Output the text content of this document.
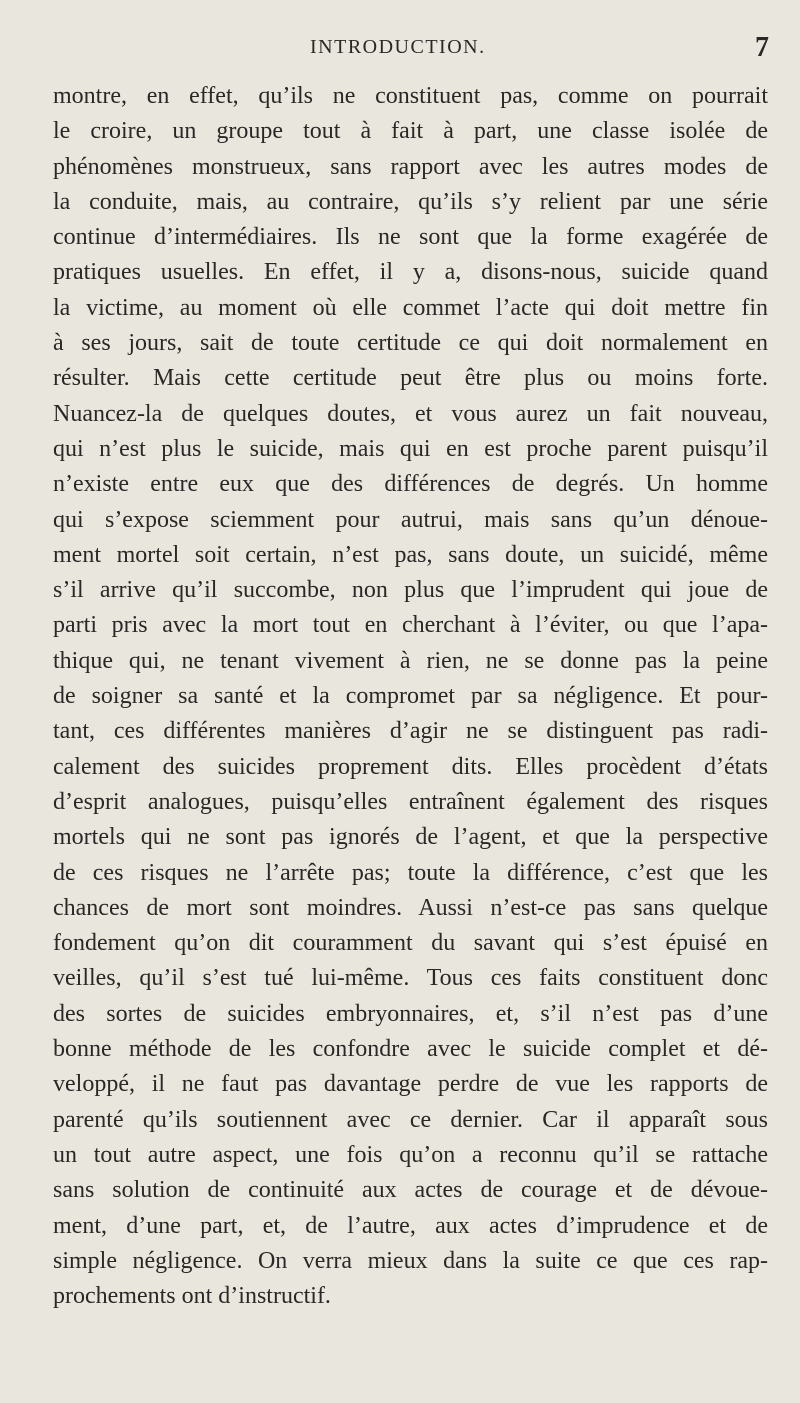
INTRODUCTION.	7
montre, en effet, qu’ils ne constituent pas, comme on pourrait
le croire, un groupe tout à fait à part, une classe isolée de
phénomènes monstrueux, sans rapport avec les autres modes de
la conduite, mais, au contraire, qu’ils s’y relient par une série
continue d’intermédiaires. Ils ne sont que la forme exagérée de
pratiques usuelles. En effet, il y a, disons-nous, suicide quand
la victime, au moment où elle commet l’acte qui doit mettre fin
à ses jours, sait de toute certitude ce qui doit normalement en
résulter. Mais cette certitude peut être plus ou moins forte.
Nuancez-la de quelques doutes, et vous aurez un fait nouveau,
qui n’est plus le suicide, mais qui en est proche parent puisqu’il
n’existe entre eux que des différences de degrés. Un homme
qui s’expose sciemment pour autrui, mais sans qu’un dénoue-
ment mortel soit certain, n’est pas, sans doute, un suicidé, même
s’il arrive qu’il succombe, non plus que l’imprudent qui joue de
parti pris avec la mort tout en cherchant à l’éviter, ou que l’apa-
thique qui, ne tenant vivement à rien, ne se donne pas la peine
de soigner sa santé et la compromet par sa négligence. Et pour-
tant, ces différentes manières d’agir ne se distinguent pas radi-
calement des suicides proprement dits. Elles procèdent d’états
d’esprit analogues, puisqu’elles entraînent également des risques
mortels qui ne sont pas ignorés de l’agent, et que la perspective
de ces risques ne l’arrête pas; toute la différence, c’est que les
chances de mort sont moindres. Aussi n’est-ce pas sans quelque
fondement qu’on dit couramment du savant qui s’est épuisé en
veilles, qu’il s’est tué lui-même. Tous ces faits constituent donc
des sortes de suicides embryonnaires, et, s’il n’est pas d’une
bonne méthode de les confondre avec le suicide complet et dé-
veloppé, il ne faut pas davantage perdre de vue les rapports de
parenté qu’ils soutiennent avec ce dernier. Car il apparaît sous
un tout autre aspect, une fois qu’on a reconnu qu’il se rattache
sans solution de continuité aux actes de courage et de dévoue-
ment, d’une part, et, de l’autre, aux actes d’imprudence et de
simple négligence. On verra mieux dans la suite ce que ces rap-
prochements ont d’instructif.
